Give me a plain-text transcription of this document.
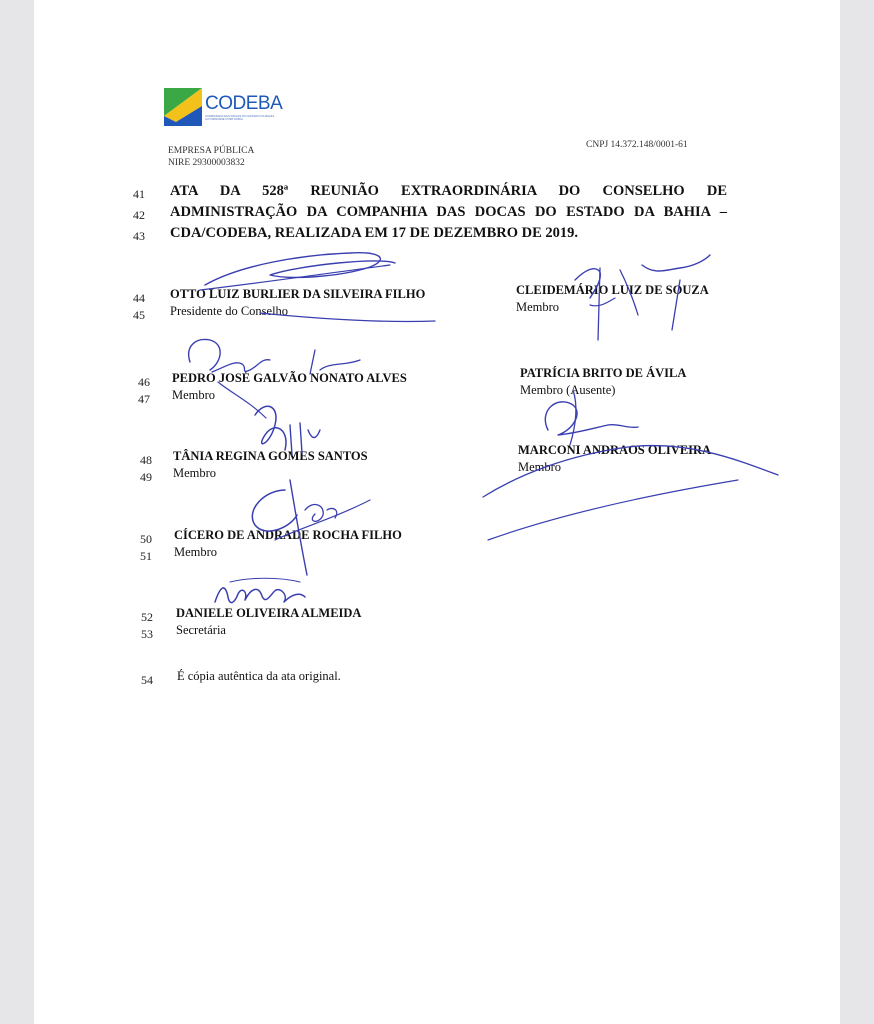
CODEBA
COMPANHIA DAS DOCAS DO ESTADO DA BAHIA · AUTORIDADE PORTUÁRIA
EMPRESA PÚBLICA
NIRE 29300003832
CNPJ 14.372.148/0001-61
41	ATA DA 528ª REUNIÃO EXTRAORDINÁRIA DO CONSELHO DE
42	ADMINISTRAÇÃO DA COMPANHIA DAS DOCAS DO ESTADO DA BAHIA –
43	CDA/CODEBA, REALIZADA EM 17 DE DEZEMBRO DE 2019.
44	OTTO LUIZ BURLIER DA SILVEIRA FILHO
45	Presidente do Conselho
CLEIDEMÁRIO LUIZ DE SOUZA
Membro
46	PEDRO JOSÉ GALVÃO NONATO ALVES
47	Membro
PATRÍCIA BRITO DE ÁVILA
Membro (Ausente)
48	TÂNIA REGINA GOMES SANTOS
49	Membro
MARCONI ANDRAOS OLIVEIRA
Membro
50	CÍCERO DE ANDRADE ROCHA FILHO
51	Membro
52	DANIELE OLIVEIRA ALMEIDA
53	Secretária
54	É cópia autêntica da ata original.
